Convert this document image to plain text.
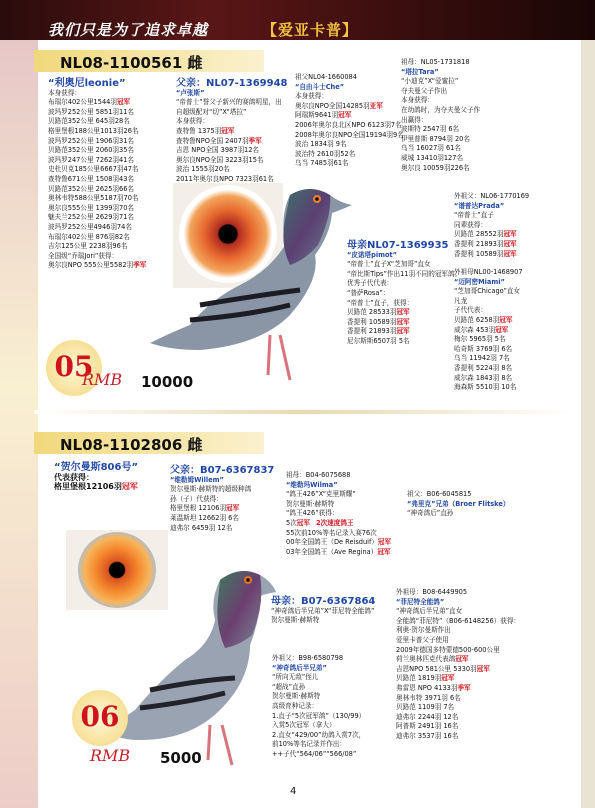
我们只是为了追求卓越	【爱亚卡普】
NL08-1100561 雌
“利奥尼leonie”
本身获得：
布瑞尔402公里1544羽冠军
波玛罗252公里 5851羽11名
贝路范352公里 645羽28名
格里堡根188公里1013羽26名
波玛罗252公里 1906羽31名
贝路范352公里 2060羽35名
波玛罗247公里 7262羽41名
史杜贝克185公里6667羽47名
查特鲁671公里 1508羽43名
贝路范352公里 2625羽66名
奥林韦特588公里5187羽70名
奥尔良555公里 1399羽70名
魅夫兰252公里 2629羽71名
波玛罗252公里4946羽74名
布瑞尔402公里 876羽82名
吉尔125公里 2238羽96名
全国级“乔瑞Jori”获得：
奥尔良NPO 555公里5582羽季军
父亲：NL07-1369948
“卢张斯”
“帝普士”誉父子新兴的赛鸽明星，出
自超级配对“切”X“塔拉”
本身获得：
查特鲁 1375羽冠军
查特鲁NPO全国 2407羽季军
吉恩 NPO全国 3987羽12名
奥尔良NPO全国 3223羽15名
波治 1555羽20名
2011年奥尔良NPO 7323羽61名
祖父NL04-1660084
“自由斗士Che”
本身获得：
奥尔良NPO全国14285羽亚军
阿瑞斯9641羽冠军
2006年奥尔良北区NPO 6123羽7名
2008年奥尔良NPO全国19194羽9名
波治 1834羽 9名
波治特 2610羽52名
乌当 7485羽61名
祖母：NL05-1731818
“塔拉Tara”
“小迪克”X“爱蜜拉”
夺夫曼父子作出
本身获得：
在幼鸽时，为夺夫曼父子作
出赢得：
波斯特 2547羽 6名
伊里普斯 8794羽 20名
乌当 16027羽 61名
威城 13410羽127名
奥尔良 10059羽226名
母亲NL07-1369935
“皮诺塔pimot”
“帝普士”直子X“芝加哥”直女
“帝比斯Tips”作出11羽不同的冠军鸽。
优秀子代代表：
“普萨Rosa”：
“帝普士”直子，获得：
贝路范 28533羽冠军
香提利 10589羽冠军
香提利 21893羽冠军
尼尔斯斯6507羽 5名
外祖父：NL06-1770169
“谱普达Prada”
“帝普士”直子
同辈获得：
贝路范 28552羽冠军
香提利 21893羽冠军
香提利 10589羽冠军
外祖母NL00-1468907
“迈阿密Miami”
“芝加哥Chicago”直女
凡龙
子代代表：
贝路范 6258羽冠军
威尔森 453羽冠军
梅尔 5965羽 5名
哈奇斯 3769羽 6名
乌当 11942羽 7名
香提利 5224羽 8名
威尔森 1843羽 8名
海森斯 5510羽 10名
05
RMB 10000
NL08-1102806 雌
“贺尔曼斯806号”
代表获得：
格里堡根12106羽冠军
父亲：B07-6367837
“维勒姆Willem”
贺尔曼斯·赫斯特的超级种鸽
孙（子）代获得：
格里堡根 12106羽冠军
莱温斯坦 12662羽 6名
迪弗尔 6459羽 12名
祖母：B04-6075688
“维勒玛Wilma”
“鸽王426”X“克里斯耀”
贺尔曼斯·赫斯特
“鸽王426”获得：
5次冠军 2次速度鸽王
55次前10%等名记录入赛76次
00年全国鸽王（De Reisduif）冠军
03年全国鸽王（Ave Regina）冠军
祖父：B06-6045815
“弗里克”兄弟（Broer Flitske）
“神奇鸽后”直孙
母亲：B07-6367864
“神奇鸽后半兄弟”X“菲尼特全能鸽”
贺尔曼斯·赫斯特
外祖父：B98-6580798
“神奇鸽后半兄弟”
“所向无敌”侄儿
“超战”直孙
贺尔曼斯·赫斯特
高级育种记录：
1.直子“5次冠军鸽”（130/99）
入赏5次冠军（拿大）
2.直女“429/00”幼鸽入赏7次，
前10%等名记录并作出：
++子代“564/06”“566/08”
外祖母：B08-6449905
“菲尼特全能鸽”
“神奇鸽后半兄弟”直女
全能鸽“菲尼特”（B06-6148256）获得：
利奥·贺尔曼斯作出
爱里卡普父子使用
2009年德国多特蒙德500-600公里
荷兰奥林匹克代表鸽冠军
吉恩NPO 581公里 5330羽冠军
贝路范 1819羽冠军
弗雷恩 NPO 4133羽季军
奥林韦特 3971羽 6名
贝路范 1109羽 7名
迪弗尔 2244羽 12名
阿普斯 2491羽 16名
迪弗尔 3537羽 16名
06
RMB 5000
4
